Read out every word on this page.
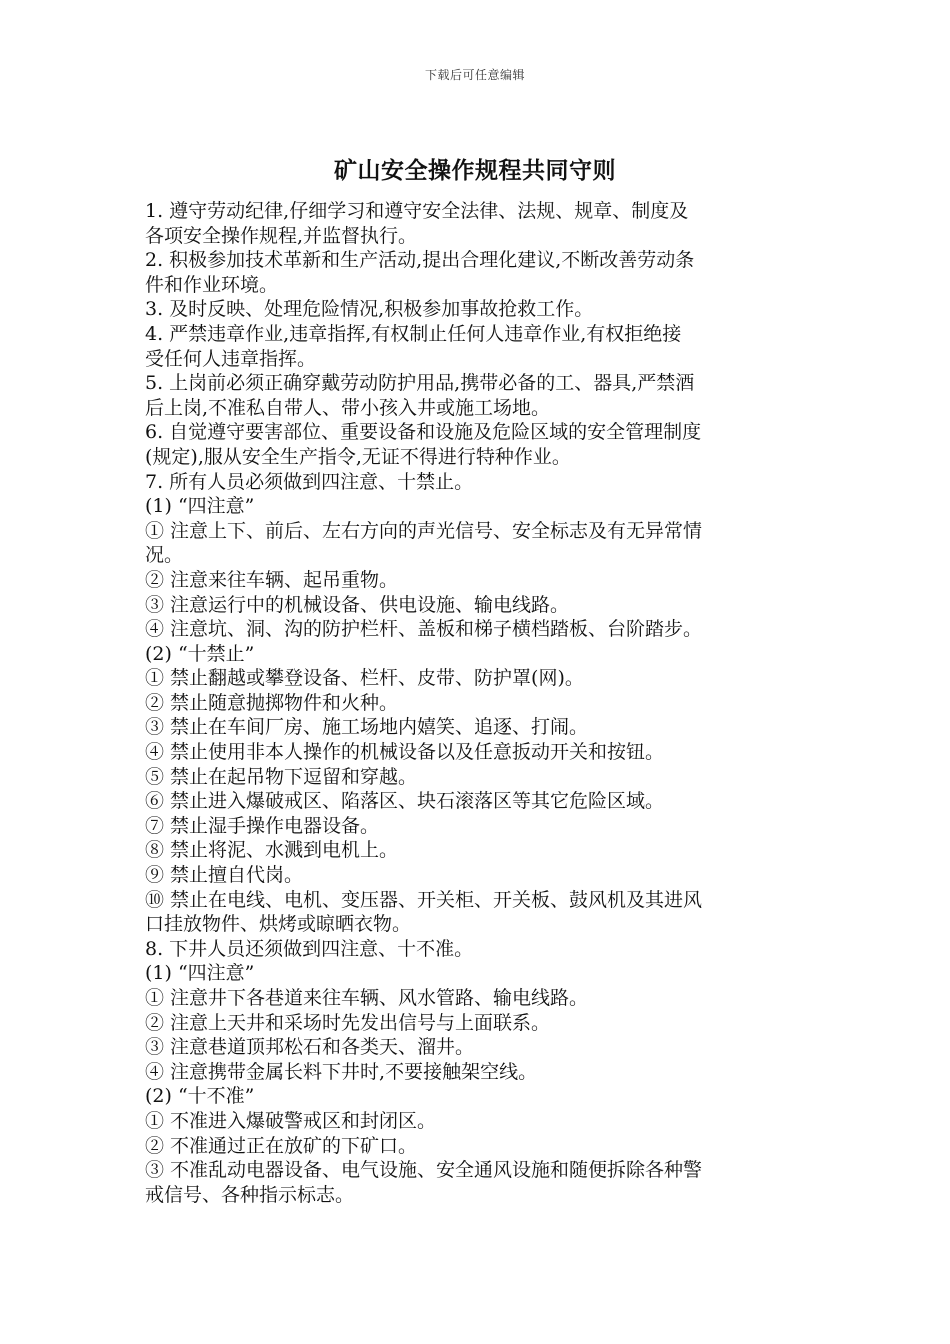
下载后可任意编辑
矿山安全操作规程共同守则

1. 遵守劳动纪律,仔细学习和遵守安全法律、法规、规章、制度及

各项安全操作规程,并监督执行。

2. 积极参加技术革新和生产活动,提出合理化建议,不断改善劳动条

件和作业环境。

3. 及时反映、处理危险情况,积极参加事故抢救工作。

4. 严禁违章作业,违章指挥,有权制止任何人违章作业,有权拒绝接

受任何人违章指挥。

5. 上岗前必须正确穿戴劳动防护用品,携带必备的工、器具,严禁酒

后上岗,不准私自带人、带小孩入井或施工场地。

6. 自觉遵守要害部位、重要设备和设施及危险区域的安全管理制度

(规定),服从安全生产指令,无证不得进行特种作业。

7. 所有人员必须做到四注意、十禁止。

(1) “四注意”

① 注意上下、前后、左右方向的声光信号、安全标志及有无异常情

况。

② 注意来往车辆、起吊重物。

③ 注意运行中的机械设备、供电设施、输电线路。

④ 注意坑、洞、沟的防护栏杆、盖板和梯子横档踏板、台阶踏步。

(2) “十禁止”

① 禁止翻越或攀登设备、栏杆、皮带、防护罩(网)。

② 禁止随意抛掷物件和火种。

③ 禁止在车间厂房、施工场地内嬉笑、追逐、打闹。

④ 禁止使用非本人操作的机械设备以及任意扳动开关和按钮。

⑤ 禁止在起吊物下逗留和穿越。

⑥ 禁止进入爆破戒区、陷落区、块石滚落区等其它危险区域。

⑦ 禁止湿手操作电器设备。

⑧ 禁止将泥、水溅到电机上。

⑨ 禁止擅自代岗。

⑩ 禁止在电线、电机、变压器、开关柜、开关板、鼓风机及其进风

口挂放物件、烘烤或晾晒衣物。

8. 下井人员还须做到四注意、十不准。

(1) “四注意”

① 注意井下各巷道来往车辆、风水管路、输电线路。

② 注意上天井和采场时先发出信号与上面联系。

③ 注意巷道顶邦松石和各类天、溜井。

④ 注意携带金属长料下井时,不要接触架空线。

(2) “十不准”

① 不准进入爆破警戒区和封闭区。

② 不准通过正在放矿的下矿口。

③ 不准乱动电器设备、电气设施、安全通风设施和随便拆除各种警

戒信号、各种指示标志。
